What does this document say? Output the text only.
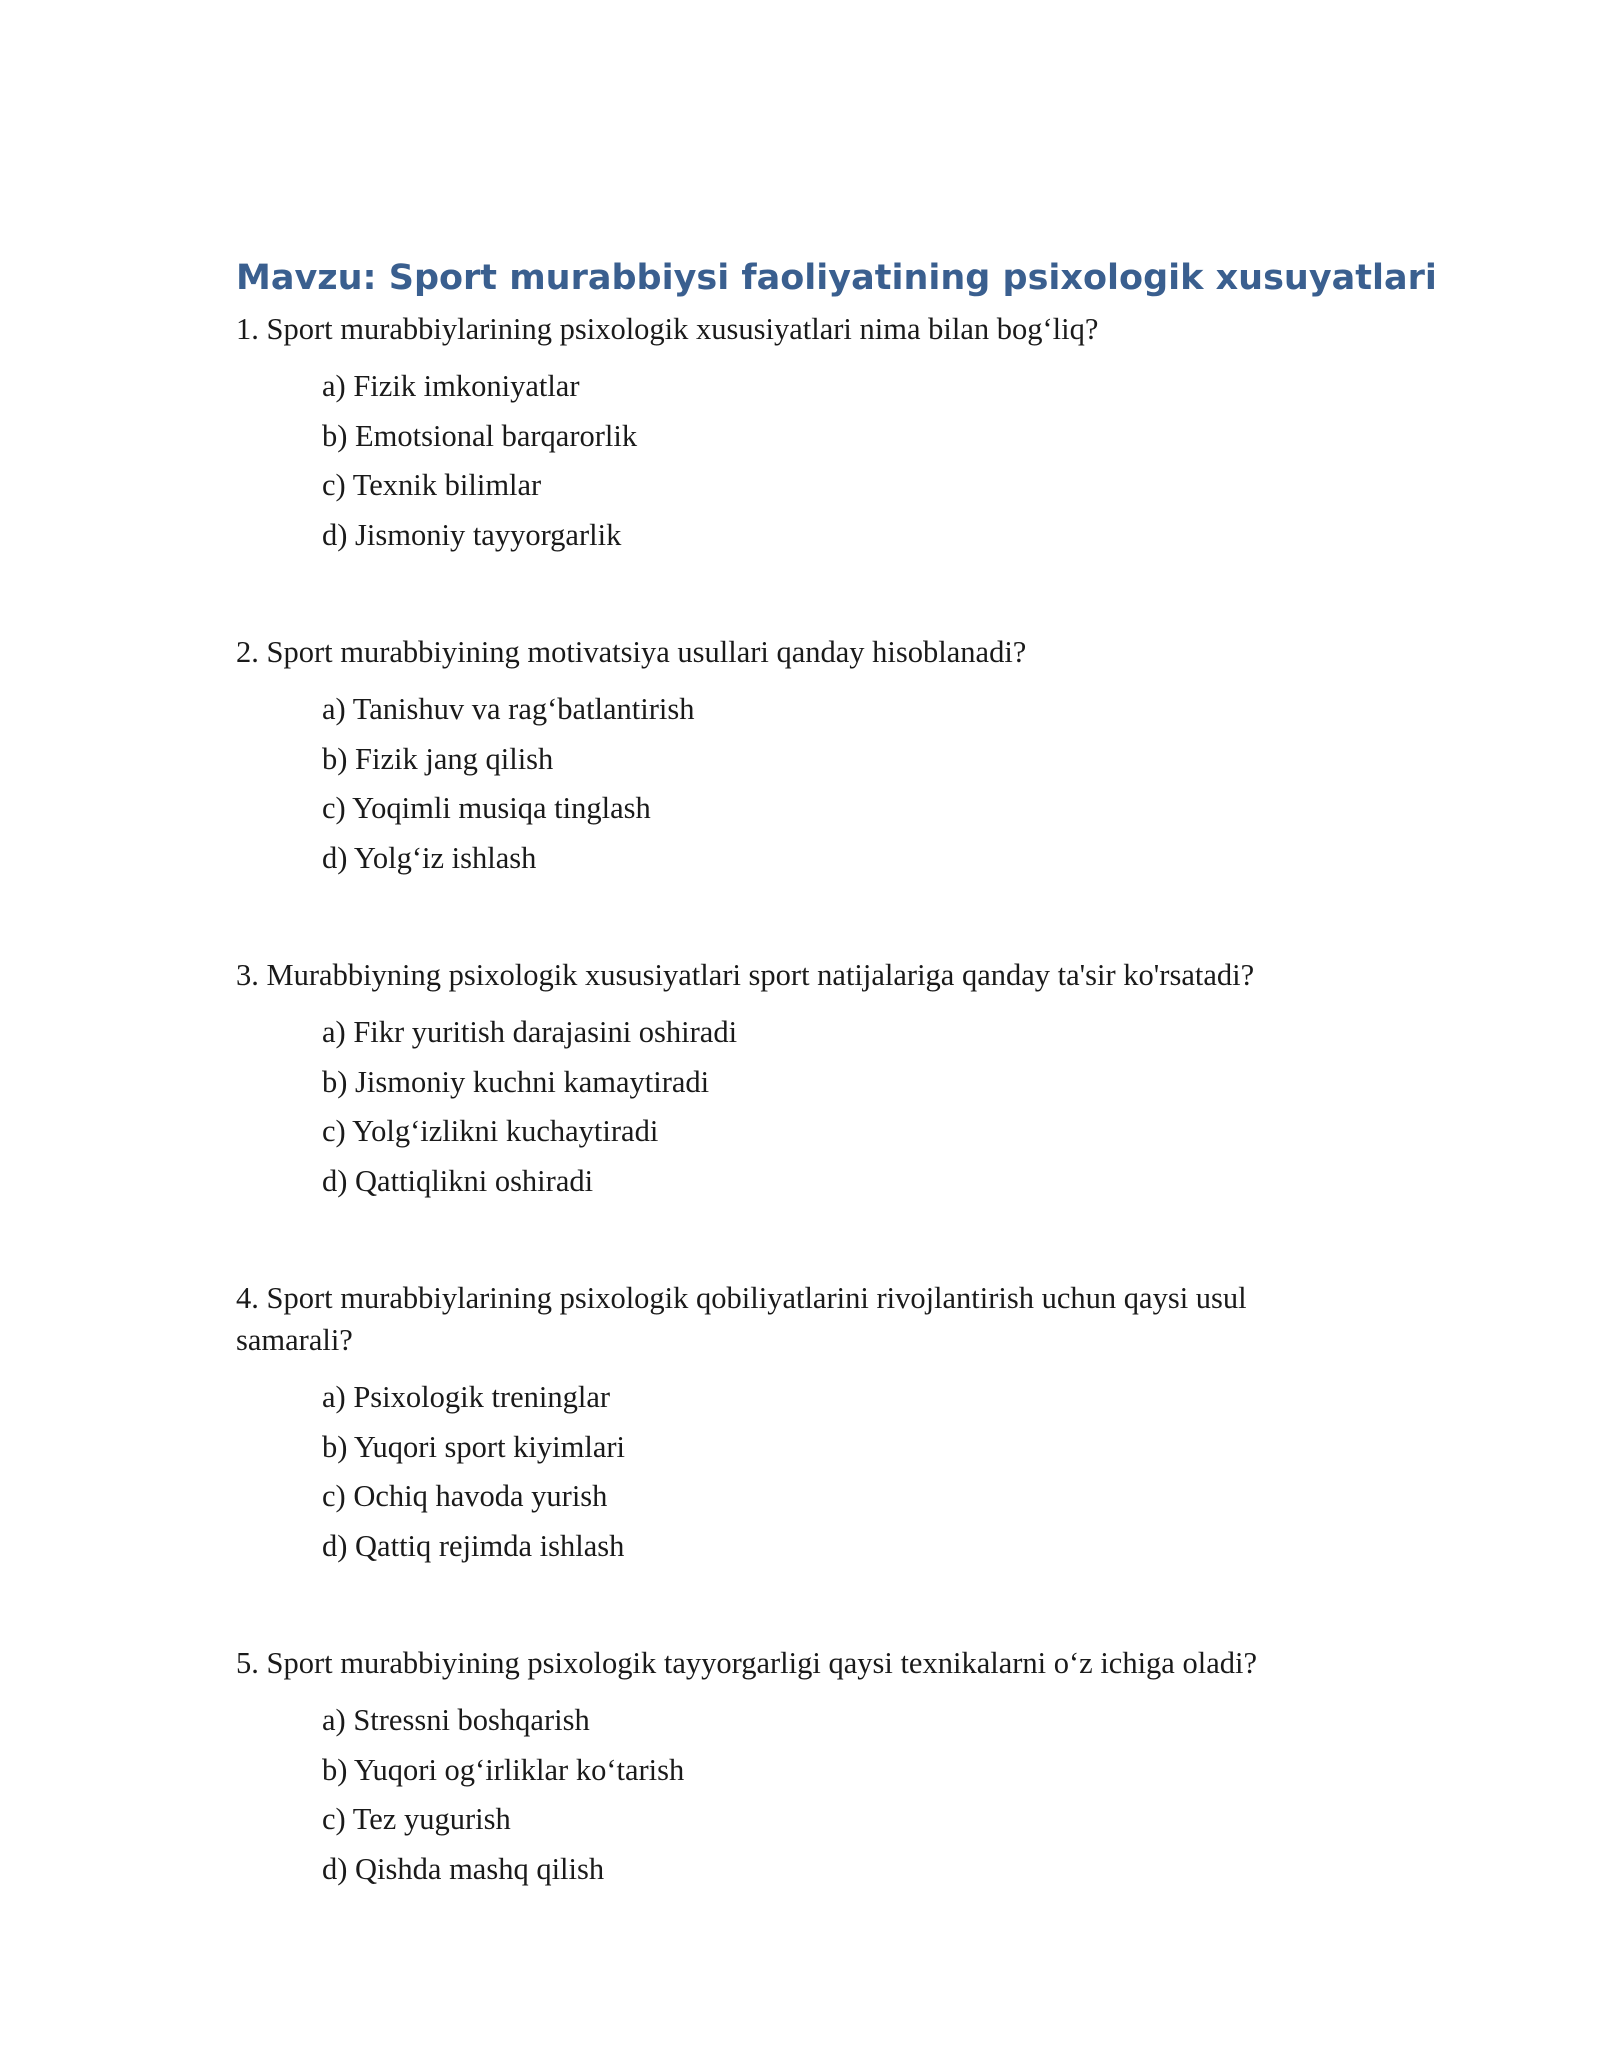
Mavzu: Sport murabbiysi faoliyatining psixologik xusuyatlari

1. Sport murabbiylarining psixologik xususiyatlari nima bilan bog‘liq?

a) Fizik imkoniyatlar
b) Emotsional barqarorlik
c) Texnik bilimlar
d) Jismoniy tayyorgarlik

2. Sport murabbiyining motivatsiya usullari qanday hisoblanadi?

a) Tanishuv va rag‘batlantirish
b) Fizik jang qilish
c) Yoqimli musiqa tinglash
d) Yolg‘iz ishlash

3. Murabbiyning psixologik xususiyatlari sport natijalariga qanday ta'sir ko'rsatadi?

a) Fikr yuritish darajasini oshiradi
b) Jismoniy kuchni kamaytiradi
c) Yolg‘izlikni kuchaytiradi
d) Qattiqlikni oshiradi

4. Sport murabbiylarining psixologik qobiliyatlarini rivojlantirish uchun qaysi usul samarali?

a) Psixologik treninglar
b) Yuqori sport kiyimlari
c) Ochiq havoda yurish
d) Qattiq rejimda ishlash

5. Sport murabbiyining psixologik tayyorgarligi qaysi texnikalarni o‘z ichiga oladi?

a) Stressni boshqarish
b) Yuqori og‘irliklar ko‘tarish
c) Tez yugurish
d) Qishda mashq qilish
